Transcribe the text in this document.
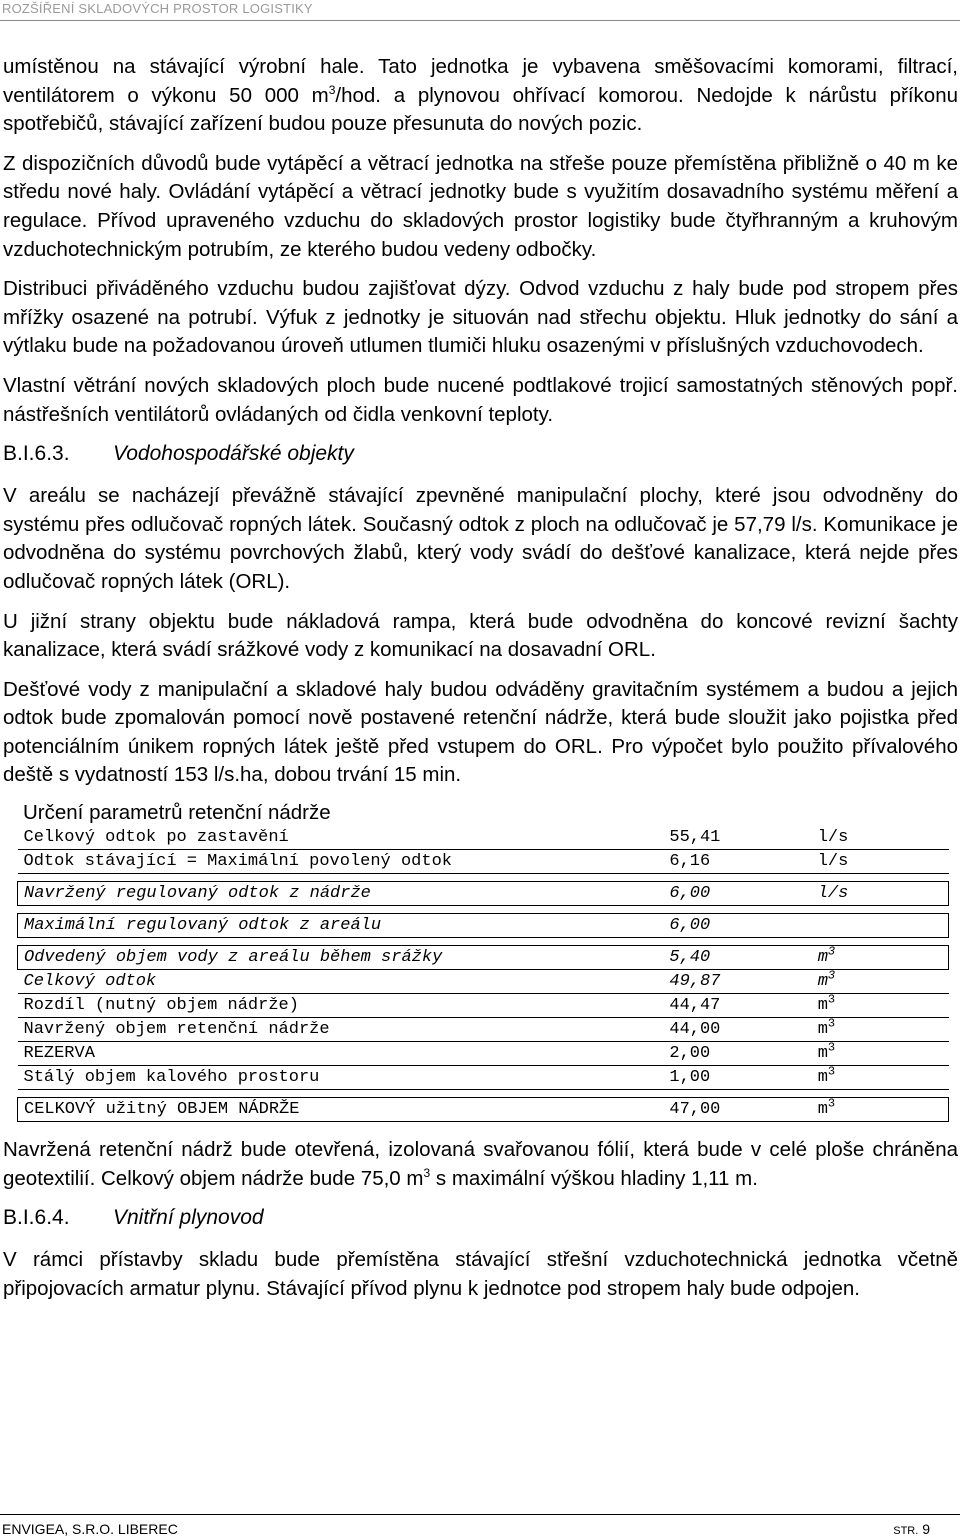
ROZŠÍŘENÍ SKLADOVÝCH PROSTOR LOGISTIKY

umístěnou na stávající výrobní hale. Tato jednotka je vybavena směšovacími komorami, filtrací, ventilátorem o výkonu 50 000 $m^3$/hod. a plynovou ohřívací komorou. Nedojde k nárůstu příkonu spotřebičů, stávající zařízení budou pouze přesunuta do nových pozic.

Z dispozičních důvodů bude vytápěcí a větrací jednotka na střeše pouze přemístěna přibližně o 40 m ke středu nové haly. Ovládání vytápěcí a větrací jednotky bude s využitím dosavadního systému měření a regulace. Přívod upraveného vzduchu do skladových prostor logistiky bude čtyřhranným a kruhovým vzduchotechnickým potrubím, ze kterého budou vedeny odbočky.

Distribuci přiváděného vzduchu budou zajišťovat dýzy. Odvod vzduchu z haly bude pod stropem přes mřížky osazené na potrubí. Výfuk z jednotky je situován nad střechu objektu. Hluk jednotky do sání a výtlaku bude na požadovanou úroveň utlumen tlumiči hluku osazenými v příslušných vzduchovodech.

Vlastní větrání nových skladových ploch bude nucené podtlakové trojicí samostatných stěnových popř. nástřešních ventilátorů ovládaných od čidla venkovní teploty.

B.I.6.3. Vodohospodářské objekty

V areálu se nacházejí převážně stávající zpevněné manipulační plochy, které jsou odvodněny do systému přes odlučovač ropných látek. Současný odtok z ploch na odlučovač je 57,79 l/s. Komunikace je odvodněna do systému povrchových žlabů, který vody svádí do dešťové kanalizace, která nejde přes odlučovač ropných látek (ORL).

U jižní strany objektu bude nákladová rampa, která bude odvodněna do koncové revizní šachty kanalizace, která svádí srážkové vody z komunikací na dosavadní ORL.

Dešťové vody z manipulační a skladové haly budou odváděny gravitačním systémem a budou a jejich odtok bude zpomalován pomocí nově postavené retenční nádrže, která bude sloužit jako pojistka před potenciálním únikem ropných látek ještě před vstupem do ORL. Pro výpočet bylo použito přívalového deště s vydatností 153 l/s.ha, dobou trvání 15 min.

Určení parametrů retenční nádrže
Celkový odtok po zastavění	55,41	l/s
Odtok stávající = Maximální povolený odtok	6,16	l/s

Navržený regulovaný odtok z nádrže	6,00	l/s

Maximální regulovaný odtok z areálu	6,00	

Odvedený objem vody z areálu během srážky	5,40	$m^3$
Celkový odtok	49,87	$m^3$
Rozdíl (nutný objem nádrže)	44,47	$m^3$
Navržený objem retenční nádrže	44,00	$m^3$
REZERVA	2,00	$m^3$
Stálý objem kalového prostoru	1,00	$m^3$

CELKOVÝ užitný OBJEM NÁDRŽE	47,00	$m^3$

Navržená retenční nádrž bude otevřená, izolovaná svařovanou fólií, která bude v celé ploše chráněna geotextilií. Celkový objem nádrže bude 75,0 $m^3$ s maximální výškou hladiny 1,11 m.

B.I.6.4. Vnitřní plynovod

V rámci přístavby skladu bude přemístěna stávající střešní vzduchotechnická jednotka včetně připojovacích armatur plynu. Stávající přívod plynu k jednotce pod stropem haly bude odpojen.

ENVIGEA, S.R.O. LIBEREC	STR. 9
